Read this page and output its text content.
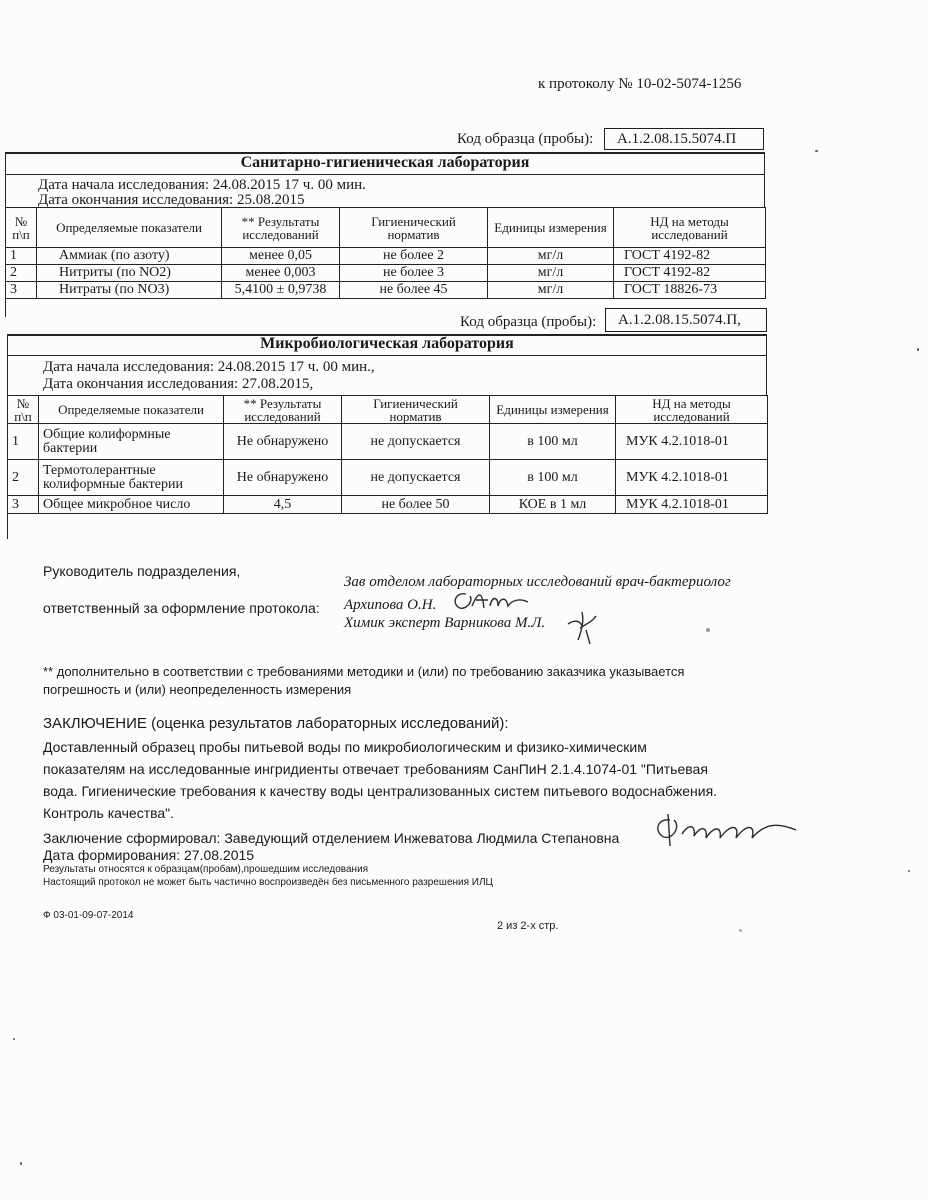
к протоколу № 10-02-5074-1256
Код образца (пробы): А.1.2.08.15.5074.П
Санитарно-гигиеническая лаборатория
Дата начала исследования: 24.08.2015 17 ч. 00 мин.
Дата окончания исследования: 25.08.2015
№ п\п	Определяемые показатели	** Результаты исследований	Гигиенический норматив	Единицы измерения	НД на методы исследований
1	Аммиак (по азоту)	менее 0,05	не более 2	мг/л	ГОСТ 4192-82
2	Нитриты (по NO2)	менее 0,003	не более 3	мг/л	ГОСТ 4192-82
3	Нитраты (по NO3)	5,4100 ± 0,9738	не более 45	мг/л	ГОСТ 18826-73
Код образца (пробы): А.1.2.08.15.5074.П,
Микробиологическая лаборатория
Дата начала исследования: 24.08.2015 17 ч. 00 мин.,
Дата окончания исследования: 27.08.2015,
№ п\п	Определяемые показатели	** Результаты исследований	Гигиенический норматив	Единицы измерения	НД на методы исследований
1	Общие колиформные бактерии	Не обнаружено	не допускается	в 100 мл	МУК 4.2.1018-01
2	Термотолерантные колиформные бактерии	Не обнаружено	не допускается	в 100 мл	МУК 4.2.1018-01
3	Общее микробное число	4,5	не более 50	КОЕ в 1 мл	МУК 4.2.1018-01
Руководитель подразделения,
ответственный за оформление протокола:
Зав отделом лабораторных исследований врач-бактериолог
Архипова О.Н.
Химик эксперт Варникова М.Л.
** дополнительно в соответствии с требованиями методики и (или) по требованию заказчика указывается
погрешность и (или) неопределенность измерения
ЗАКЛЮЧЕНИЕ (оценка результатов лабораторных исследований):
Доставленный образец пробы питьевой воды по микробиологическим и физико-химическим
показателям на исследованные ингридиенты отвечает требованиям СанПиН 2.1.4.1074-01 "Питьевая
вода. Гигиенические требования к качеству воды централизованных систем питьевого водоснабжения.
Контроль качества".
Заключение сформировал: Заведующий отделением Инжеватова Людмила Степановна
Дата формирования: 27.08.2015
Результаты относятся к образцам(пробам),прошедшим исследования
Настоящий протокол не может быть частично воспроизведён без письменного разрешения ИЛЦ
Ф 03-01-09-07-2014
2 из 2-х стр.
